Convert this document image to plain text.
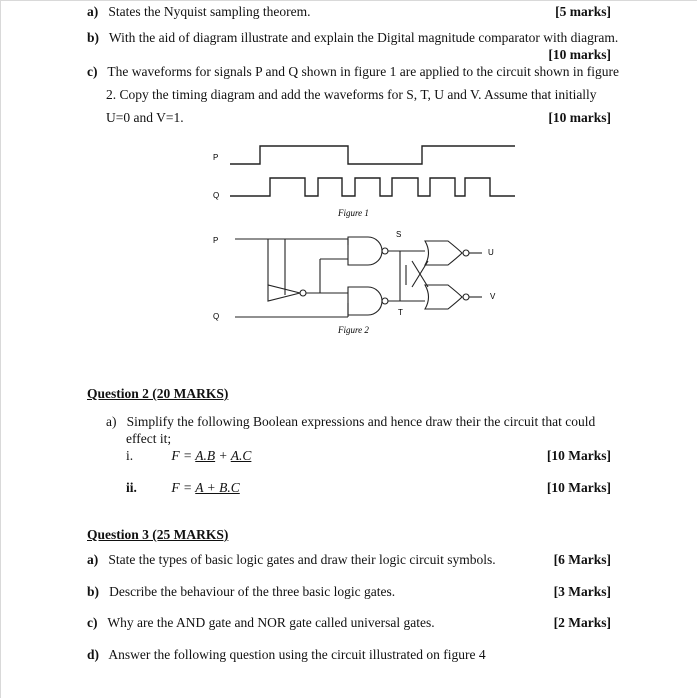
a) States the Nyquist sampling theorem.	[5 marks]
b) With the aid of diagram illustrate and explain the Digital magnitude comparator with diagram.
[10 marks]
c) The waveforms for signals P and Q shown in figure 1 are applied to the circuit shown in figure
2. Copy the timing diagram and add the waveforms for S, T, U and V. Assume that initially
U=0 and V=1.	[10 marks]
P
Q
Figure 1
P
Q
S
T
U
V
Figure 2
Question 2 (20 MARKS)
a) Simplify the following Boolean expressions and hence draw their the circuit that could
effect it;
i.	F = A.B + A.C	[10 Marks]
ii.	F = A + B.C	[10 Marks]
Question 3 (25 MARKS)
a) State the types of basic logic gates and draw their logic circuit symbols.	[6 Marks]
b) Describe the behaviour of the three basic logic gates.	[3 Marks]
c) Why are the AND gate and NOR gate called universal gates.	[2 Marks]
d) Answer the following question using the circuit illustrated on figure 4
